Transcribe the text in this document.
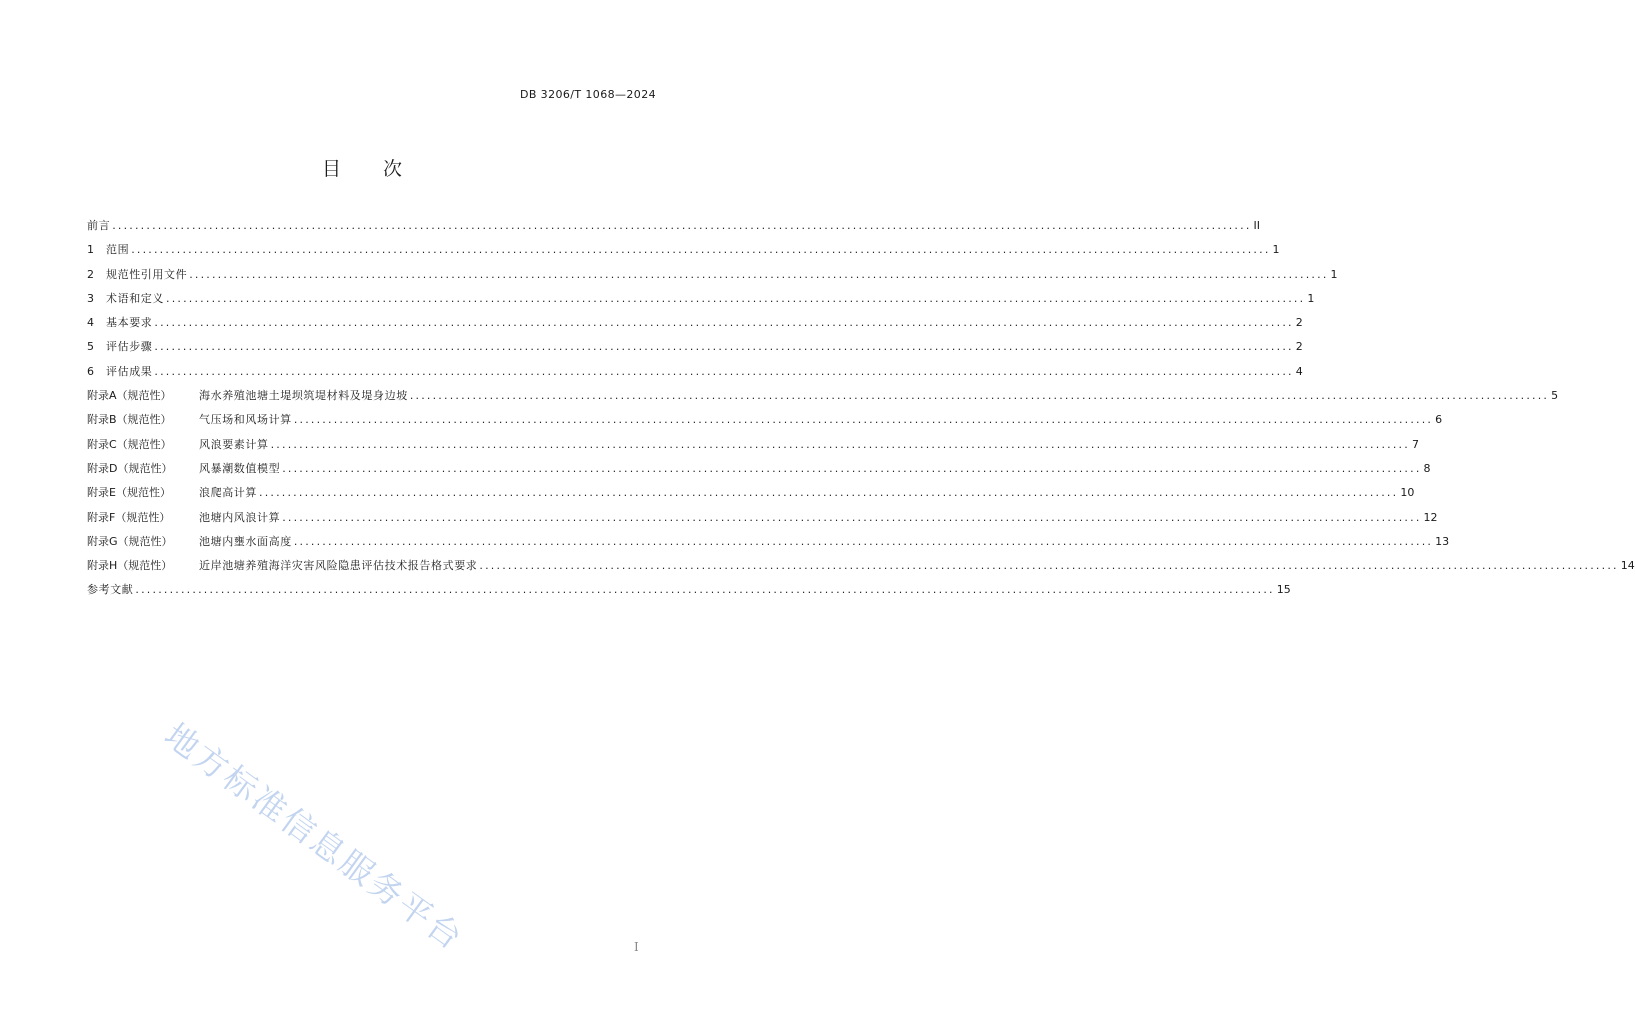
DB 3206/T 1068—2024
目 次
前言 ........................................................................................................................................................................................................ II
1	范围 ........................................................................................................................................................................................................ 1
2	规范性引用文件 ........................................................................................................................................................................................................ 1
3	术语和定义 ........................................................................................................................................................................................................ 1
4	基本要求 ........................................................................................................................................................................................................ 2
5	评估步骤 ........................................................................................................................................................................................................ 2
6	评估成果 ........................................................................................................................................................................................................ 4
附录A（规范性）	海水养殖池塘土堤坝筑堤材料及堤身边坡 ........................................................................................................................................................................................................ 5
附录B（规范性）	气压场和风场计算 ........................................................................................................................................................................................................ 6
附录C（规范性）	风浪要素计算 ........................................................................................................................................................................................................ 7
附录D（规范性）	风暴潮数值模型 ........................................................................................................................................................................................................ 8
附录E（规范性）	浪爬高计算 ........................................................................................................................................................................................................ 10
附录F（规范性）	池塘内风浪计算 ........................................................................................................................................................................................................ 12
附录G（规范性）	池塘内壅水面高度 ........................................................................................................................................................................................................ 13
附录H（规范性）	近岸池塘养殖海洋灾害风险隐患评估技术报告格式要求 ........................................................................................................................................................................................................ 14
参考文献 ........................................................................................................................................................................................................ 15
地方标准信息服务平台	I
